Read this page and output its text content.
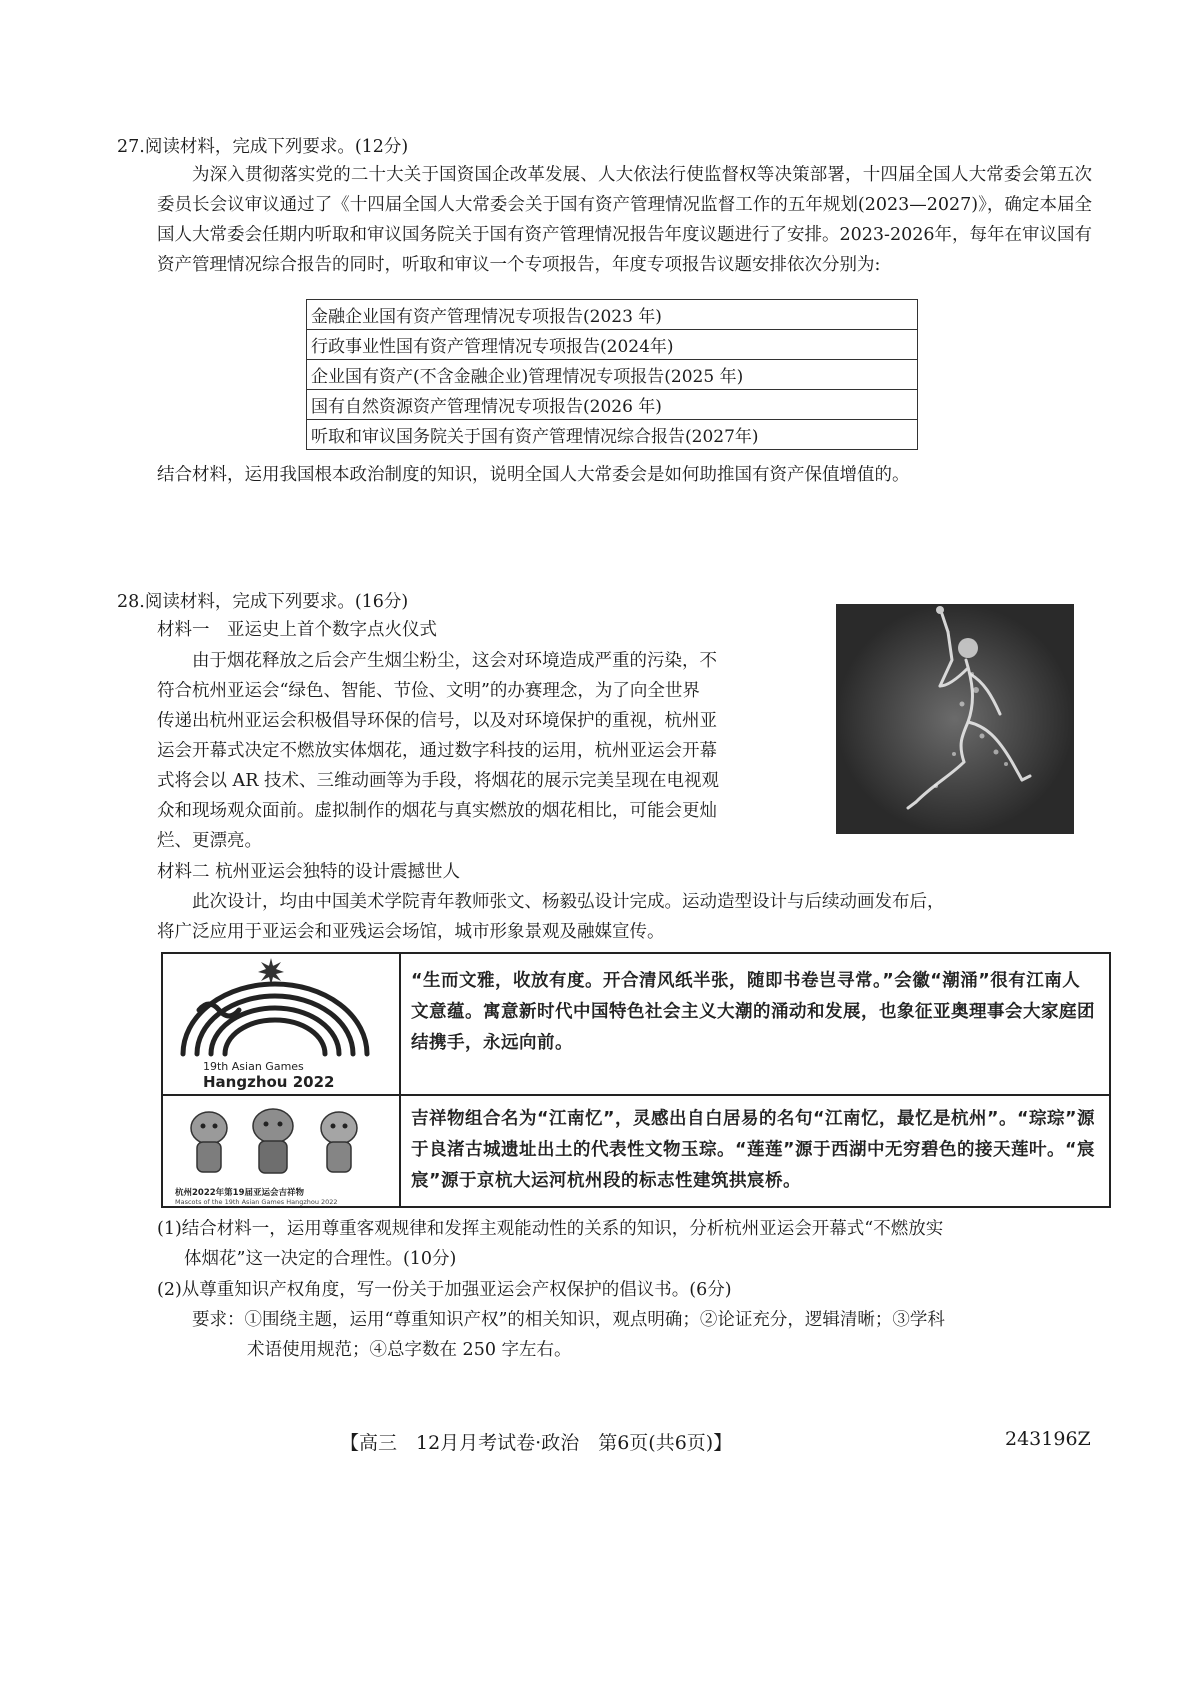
27.阅读材料，完成下列要求。(12分)
为深入贯彻落实党的二十大关于国资国企改革发展、人大依法行使监督权等决策部署，十四届全国人大常委会第五次委员长会议审议通过了《十四届全国人大常委会关于国有资产管理情况监督工作的五年规划(2023—2027)》，确定本届全国人大常委会任期内听取和审议国务院关于国有资产管理情况报告年度议题进行了安排。2023-2026年，每年在审议国有资产管理情况综合报告的同时，听取和审议一个专项报告，年度专项报告议题安排依次分别为:
金融企业国有资产管理情况专项报告(2023 年)
行政事业性国有资产管理情况专项报告(2024年)
企业国有资产(不含金融企业)管理情况专项报告(2025 年)
国有自然资源资产管理情况专项报告(2026 年)
听取和审议国务院关于国有资产管理情况综合报告(2027年)
结合材料，运用我国根本政治制度的知识，说明全国人大常委会是如何助推国有资产保值增值的。
28.阅读材料，完成下列要求。(16分)
材料一　亚运史上首个数字点火仪式
由于烟花释放之后会产生烟尘粉尘，这会对环境造成严重的污染，不
符合杭州亚运会“绿色、智能、节俭、文明”的办赛理念，为了向全世界
传递出杭州亚运会积极倡导环保的信号，以及对环境保护的重视，杭州亚
运会开幕式决定不燃放实体烟花，通过数字科技的运用，杭州亚运会开幕
式将会以 AR 技术、三维动画等为手段，将烟花的展示完美呈现在电视观
众和现场观众面前。虚拟制作的烟花与真实燃放的烟花相比，可能会更灿
烂、更漂亮。
材料二 杭州亚运会独特的设计震撼世人
此次设计，均由中国美术学院青年教师张文、杨毅弘设计完成。运动造型设计与后续动画发布后，
将广泛应用于亚运会和亚残运会场馆，城市形象景观及融媒宣传。
19th Asian Games
Hangzhou 2022
“生而文雅，收放有度。开合清风纸半张，随即书卷岂寻常。”会徽“潮涌”很有江南人文意蕴。寓意新时代中国特色社会主义大潮的涌动和发展，也象征亚奥理事会大家庭团结携手，永远向前。
杭州2022年第19届亚运会吉祥物
Mascots of the 19th Asian Games Hangzhou 2022
吉祥物组合名为“江南忆”，灵感出自白居易的名句“江南忆，最忆是杭州”。“琮琮”源于良渚古城遗址出土的代表性文物玉琮。“莲莲”源于西湖中无穷碧色的接天莲叶。“宸宸”源于京杭大运河杭州段的标志性建筑拱宸桥。
(1)结合材料一，运用尊重客观规律和发挥主观能动性的关系的知识，分析杭州亚运会开幕式“不燃放实
体烟花”这一决定的合理性。(10分)
(2)从尊重知识产权角度，写一份关于加强亚运会产权保护的倡议书。(6分)
要求：①围绕主题，运用“尊重知识产权”的相关知识，观点明确；②论证充分，逻辑清晰；③学科
术语使用规范；④总字数在 250 字左右。
【高三　12月月考试卷·政治　第6页(共6页)】	243196Z
